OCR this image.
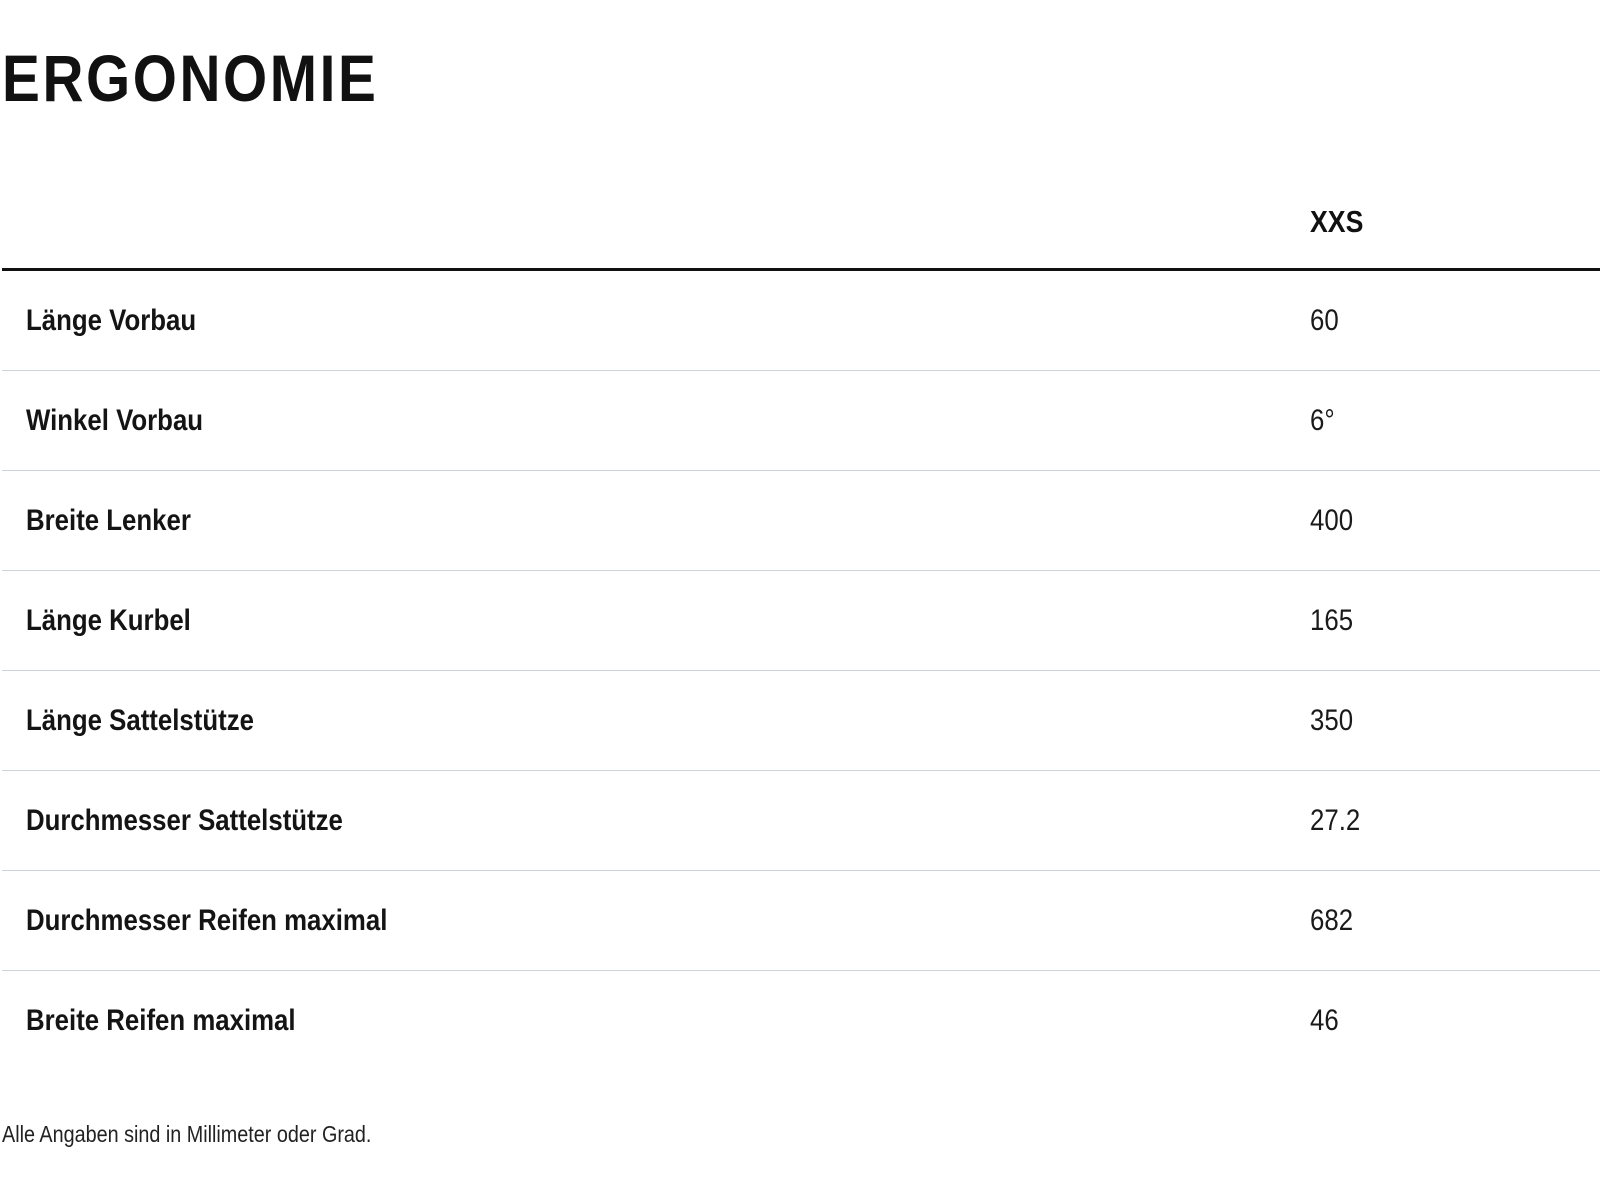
ERGONOMIE
XXS
Länge Vorbau	60
Winkel Vorbau	6°
Breite Lenker	400
Länge Kurbel	165
Länge Sattelstütze	350
Durchmesser Sattelstütze	27.2
Durchmesser Reifen maximal	682
Breite Reifen maximal	46
Alle Angaben sind in Millimeter oder Grad.
